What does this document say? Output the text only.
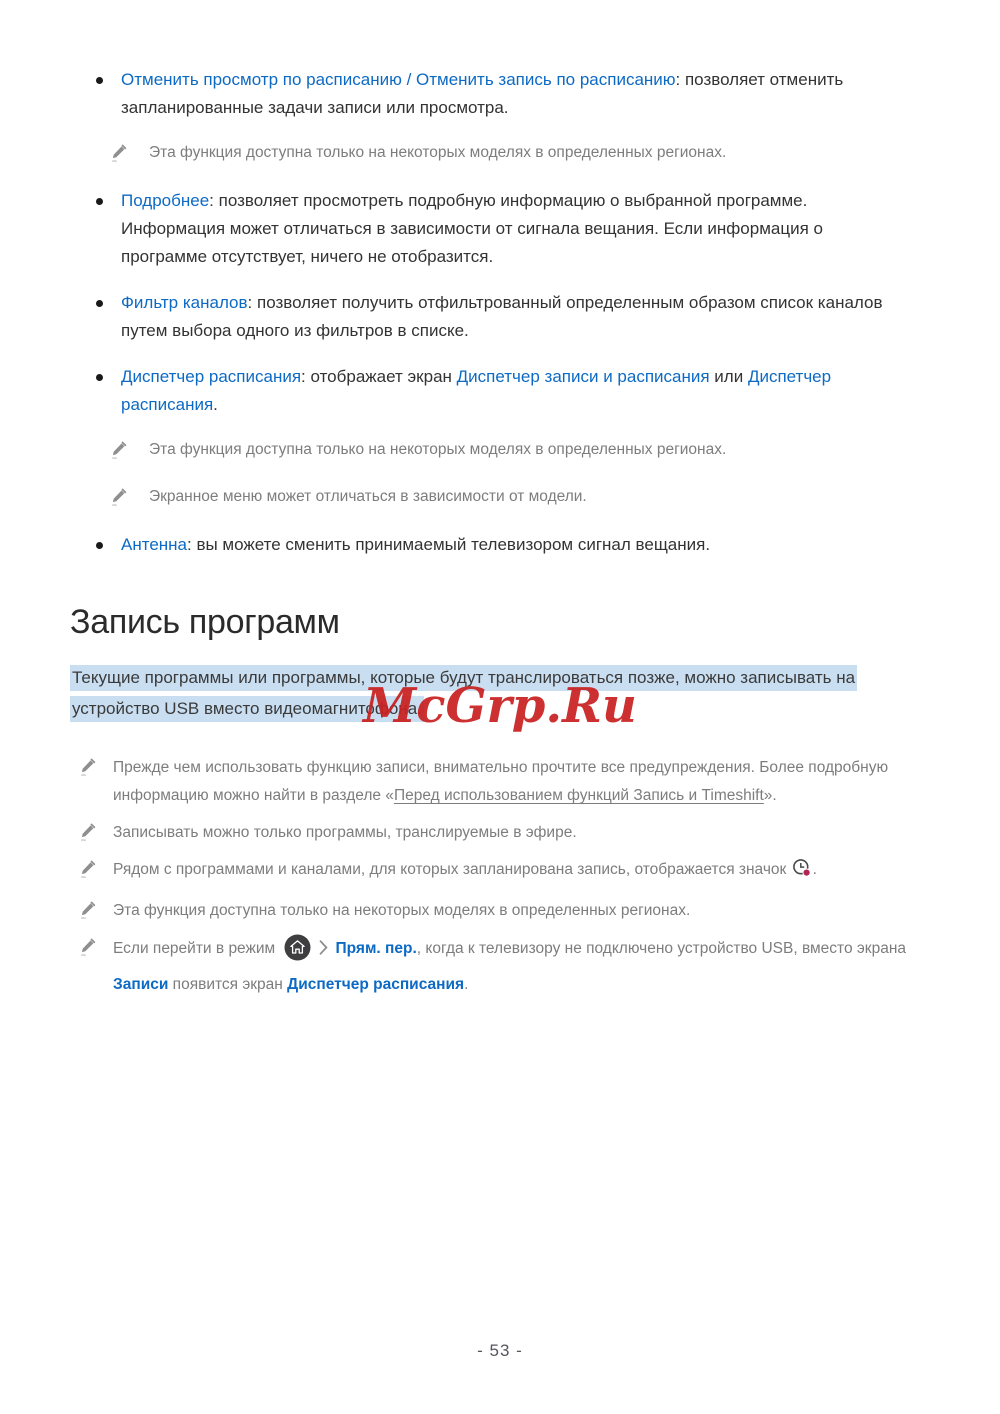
Отменить просмотр по расписанию / Отменить запись по расписанию: позволяет отменить запланированные задачи записи или просмотра.

Эта функция доступна только на некоторых моделях в определенных регионах.

Подробнее: позволяет просмотреть подробную информацию о выбранной программе. Информация может отличаться в зависимости от сигнала вещания. Если информация о программе отсутствует, ничего не отобразится.

Фильтр каналов: позволяет получить отфильтрованный определенным образом список каналов путем выбора одного из фильтров в списке.

Диспетчер расписания: отображает экран Диспетчер записи и расписания или Диспетчер расписания.

Эта функция доступна только на некоторых моделях в определенных регионах.

Экранное меню может отличаться в зависимости от модели.

Антенна: вы можете сменить принимаемый телевизором сигнал вещания.

Запись программ

Текущие программы или программы, которые будут транслироваться позже, можно записывать на устройство USB вместо видеомагнитофона.

Прежде чем использовать функцию записи, внимательно прочтите все предупреждения. Более подробную информацию можно найти в разделе «Перед использованием функций Запись и Timeshift».

Записывать можно только программы, транслируемые в эфире.

Рядом с программами и каналами, для которых запланирована запись, отображается значок .

Эта функция доступна только на некоторых моделях в определенных регионах.

Если перейти в режим	Прям. пер., когда к телевизору не подключено устройство USB, вместо экрана Записи появится экран Диспетчер расписания.

McGrp.Ru
- 53 -
